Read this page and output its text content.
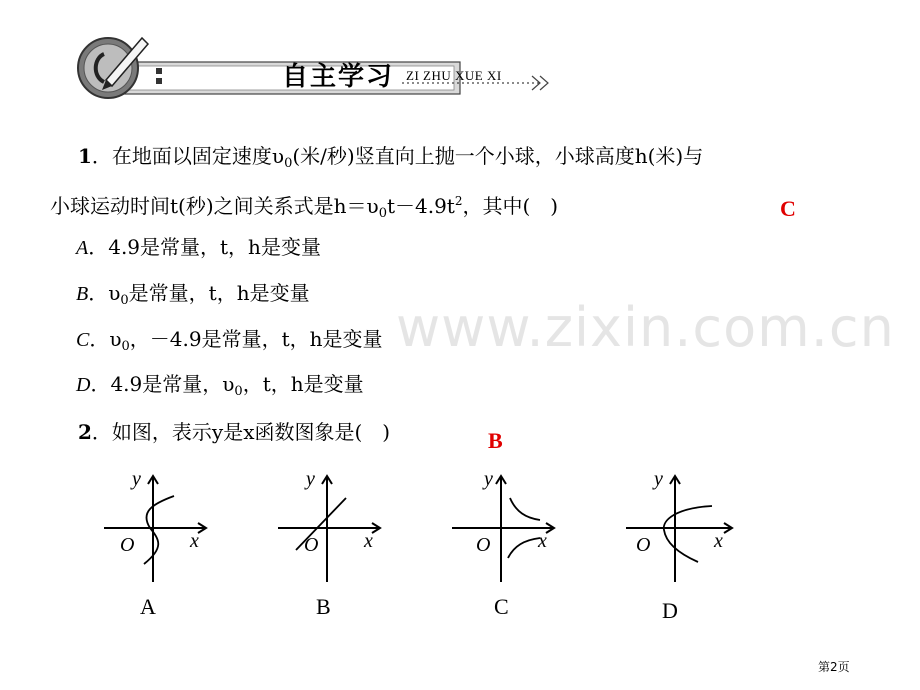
自主学习 ZI ZHU XUE XI
www.zixin.com.cn
1．在地面以固定速度$\upsilon_0$(米/秒)竖直向上抛一个小球，小球高度h(米)与
小球运动时间t(秒)之间关系式是$h=\upsilon_0t-4.9t^2$，其中(　)	C
A．4.9是常量，t，h是变量
B．$\upsilon_0$是常量，t，h是变量
C．$\upsilon_0$，－4.9是常量，t，h是变量
D．4.9是常量，$\upsilon_0$，t，h是变量
2．如图，表示y是x函数图象是(　)	B
y
x
O
A
y
x
O
B
y
x
O
C
y
x
O
D
第2页
